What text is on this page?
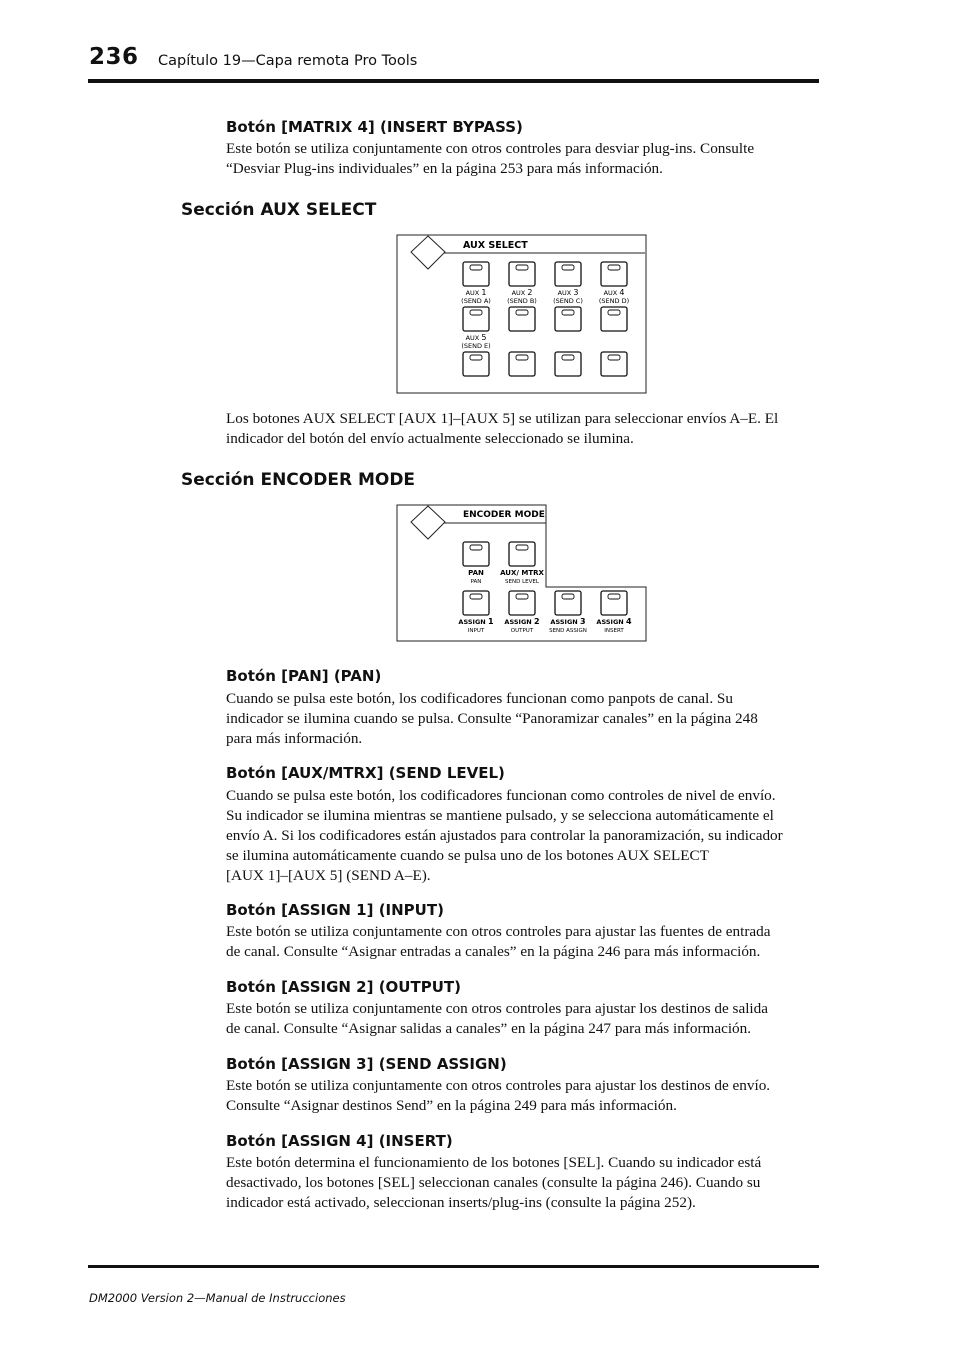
236 Capítulo 19—Capa remota Pro Tools
Botón [MATRIX 4] (INSERT BYPASS)

Este botón se utiliza conjuntamente con otros controles para desviar plug-ins. Consulte
“Desviar Plug-ins individuales” en la página 253 para más información.

Sección AUX SELECT
AUX SELECT
AUX 1
(SEND A)
AUX 2
(SEND B)
AUX 3
(SEND C)
AUX 4
(SEND D)
AUX 5
(SEND E)

Los botones AUX SELECT [AUX 1]–[AUX 5] se utilizan para seleccionar envíos A–E. El
indicador del botón del envío actualmente seleccionado se ilumina.

Sección ENCODER MODE
ENCODER MODE
PAN
PAN
AUX/ MTRX
SEND LEVEL
ASSIGN 1
INPUT
ASSIGN 2
OUTPUT
ASSIGN 3
SEND ASSIGN
ASSIGN 4
INSERT
Botón [PAN] (PAN)

Cuando se pulsa este botón, los codificadores funcionan como panpots de canal. Su
indicador se ilumina cuando se pulsa. Consulte “Panoramizar canales” en la página 248
para más información.

Botón [AUX/MTRX] (SEND LEVEL)

Cuando se pulsa este botón, los codificadores funcionan como controles de nivel de envío.
Su indicador se ilumina mientras se mantiene pulsado, y se selecciona automáticamente el
envío A. Si los codificadores están ajustados para controlar la panoramización, su indicador
se ilumina automáticamente cuando se pulsa uno de los botones AUX SELECT
[AUX 1]–[AUX 5] (SEND A–E).

Botón [ASSIGN 1] (INPUT)

Este botón se utiliza conjuntamente con otros controles para ajustar las fuentes de entrada
de canal. Consulte “Asignar entradas a canales” en la página 246 para más información.

Botón [ASSIGN 2] (OUTPUT)

Este botón se utiliza conjuntamente con otros controles para ajustar los destinos de salida
de canal. Consulte “Asignar salidas a canales” en la página 247 para más información.

Botón [ASSIGN 3] (SEND ASSIGN)

Este botón se utiliza conjuntamente con otros controles para ajustar los destinos de envío.
Consulte “Asignar destinos Send” en la página 249 para más información.

Botón [ASSIGN 4] (INSERT)

Este botón determina el funcionamiento de los botones [SEL]. Cuando su indicador está
desactivado, los botones [SEL] seleccionan canales (consulte la página 246). Cuando su
indicador está activado, seleccionan inserts/plug-ins (consulte la página 252).

DM2000 Version 2—Manual de Instrucciones
